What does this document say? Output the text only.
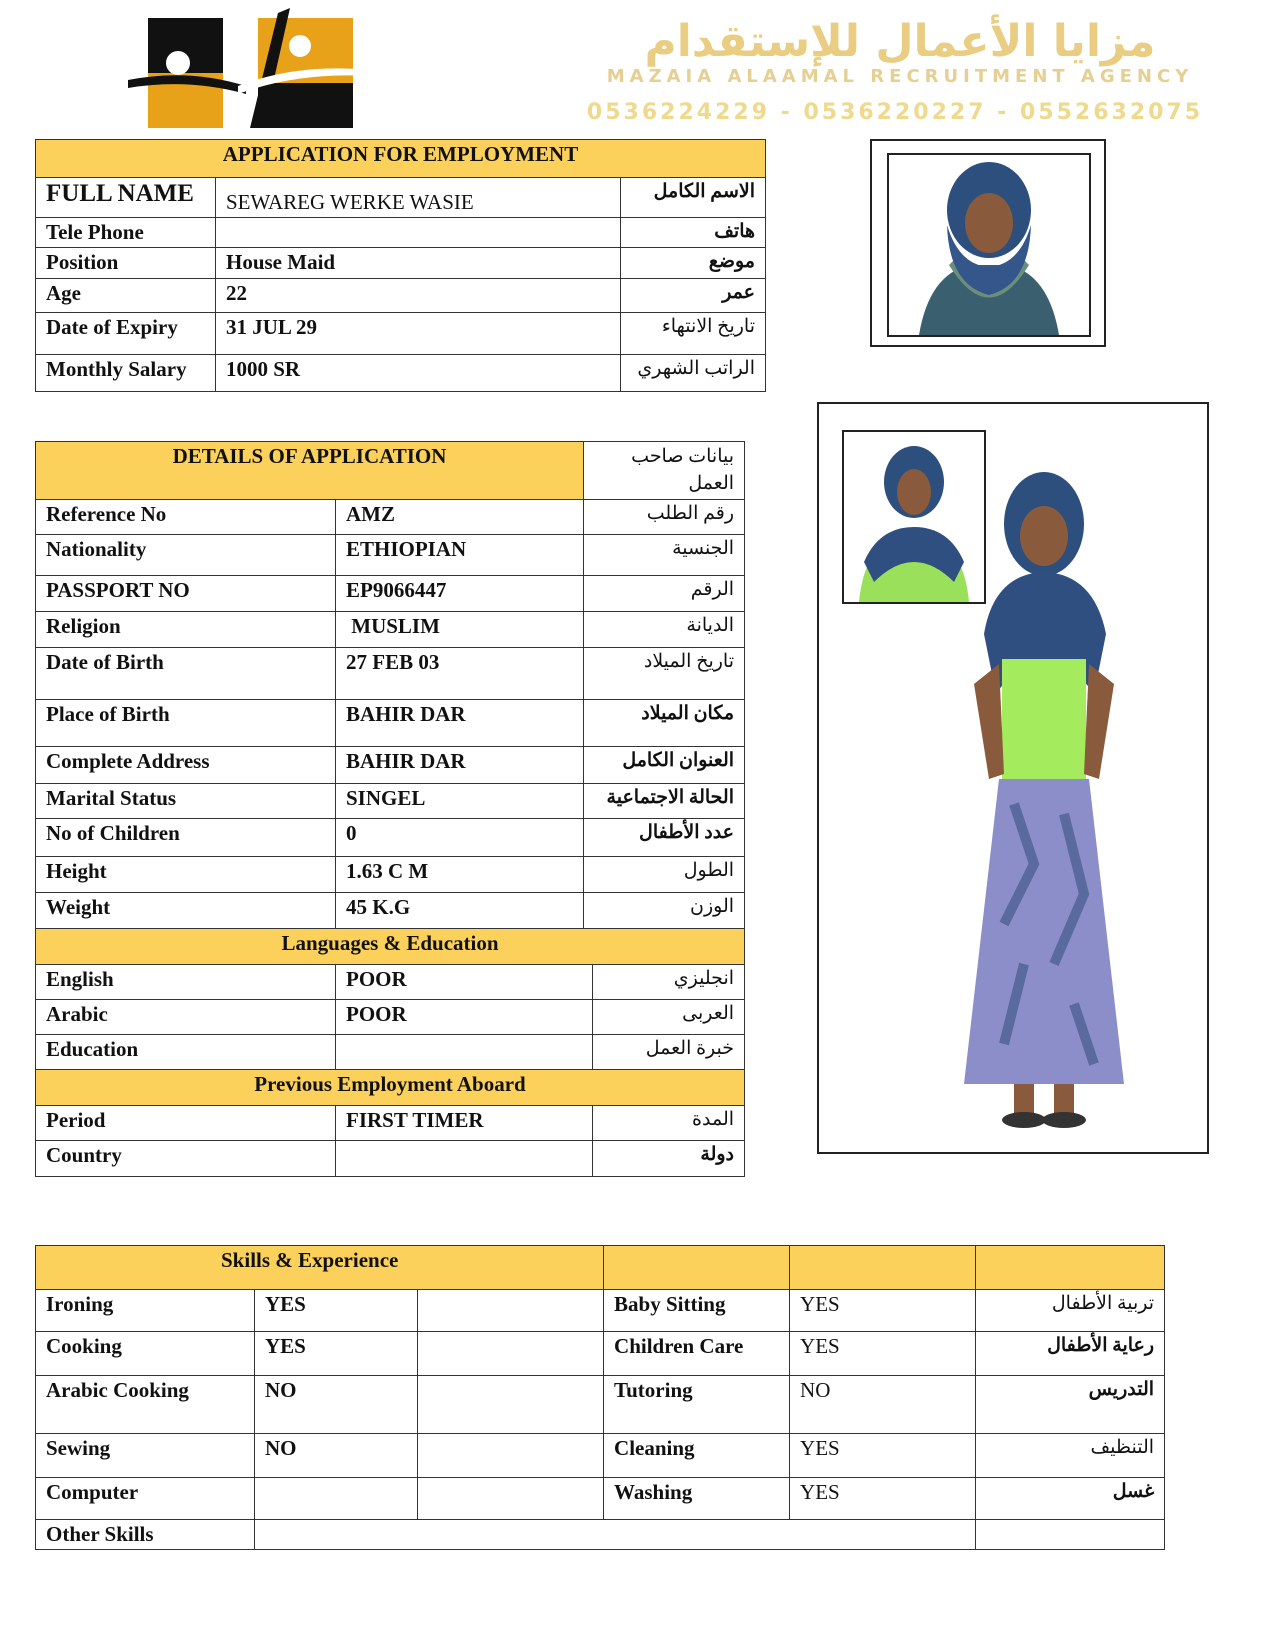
مزايا الأعمال للإستقدام
MAZAIA ALAAMAL RECRUITMENT AGENCY
0536224229 - 0536220227 - 0552632075
APPLICATION FOR EMPLOYMENT		
FULL NAME	SEWAREG WERKE WASIE	الاسم الكامل
Tele Phone		هاتف
Position	House Maid	موضع
Age	22	عمر
Date of Expiry	31 JUL 29	تاريخ الانتهاء
Monthly Salary	1000 SR	الراتب الشهري
DETAILS OF APPLICATION		بيانات صاحب العمل	
Reference No	AMZ	رقم الطلب	
Nationality	ETHIOPIAN	الجنسية	
PASSPORT NO	EP9066447	الرقم	
Religion	MUSLIM	الديانة	
Date of Birth	27 FEB 03	تاريخ الميلاد	
Place of Birth	BAHIR DAR	مكان الميلاد	
Complete Address	BAHIR DAR	العنوان الكامل	
Marital Status	SINGEL	الحالة الاجتماعية	
No of Children	0	عدد الأطفال	
Height	1.63 C M	الطول	
Weight	45 K.G	الوزن	
Languages & Education			
English	POOR		انجلیزي
Arabic	POOR		العربى
Education			خبرة العمل
Previous Employment Aboard			
Period	FIRST TIMER		المدة
Country			دولة
Skills & Experience					
Ironing	YES		Baby Sitting	YES	تربية الأطفال
Cooking	YES		Children Care	YES	رعاية الأطفال
Arabic Cooking	NO		Tutoring	NO	التدريس
Sewing	NO		Cleaning	YES	التنظيف
Computer			Washing	YES	غسل
Other Skills					
